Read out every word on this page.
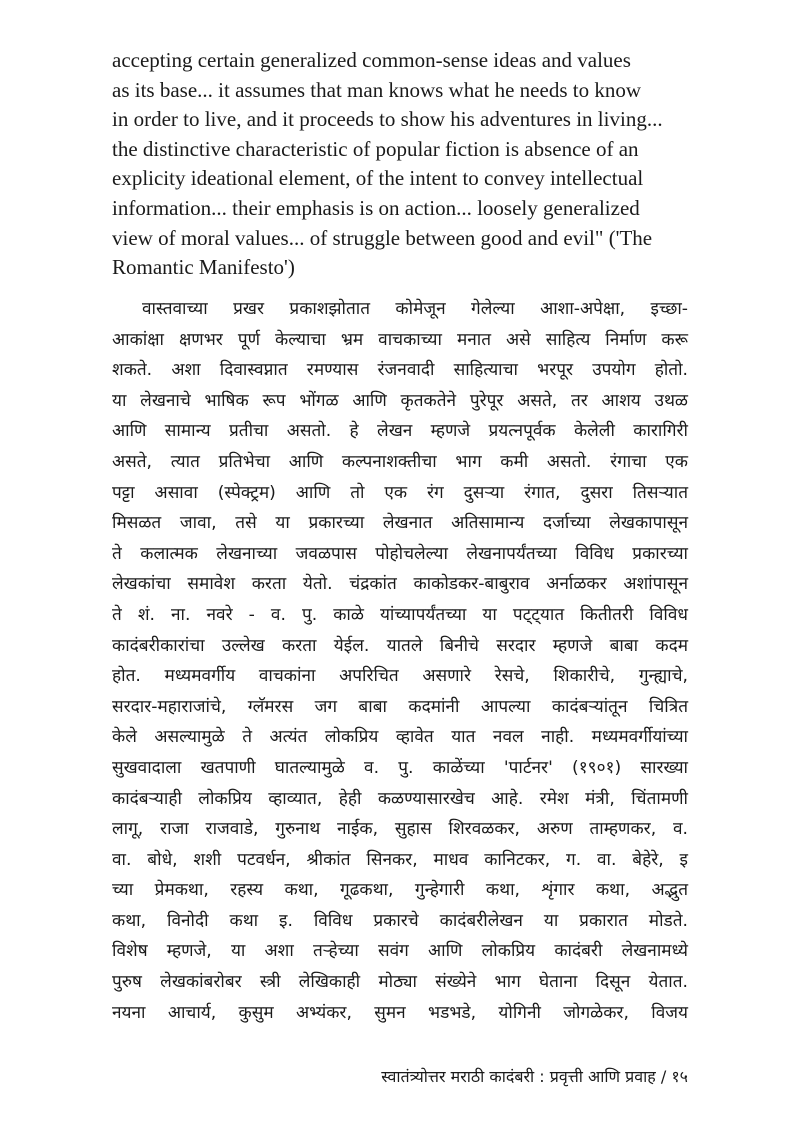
accepting certain generalized common-sense ideas and values
as its base... it assumes that man knows what he needs to know
in order to live, and it proceeds to show his adventures in living...
the distinctive characteristic of popular fiction is absence of an
explicity ideational element, of the intent to convey intellectual
information... their emphasis is on action... loosely generalized
view of moral values... of struggle between good and evil" ('The
Romantic Manifesto')
वास्तवाच्या प्रखर प्रकाशझोतात कोमेजून गेलेल्या आशा-अपेक्षा, इच्छा-
आकांक्षा क्षणभर पूर्ण केल्याचा भ्रम वाचकाच्या मनात असे साहित्य निर्माण करू
शकते. अशा दिवास्वप्नात रमण्यास रंजनवादी साहित्याचा भरपूर उपयोग होतो.
या लेखनाचे भाषिक रूप भोंगळ आणि कृतकतेने पुरेपूर असते, तर आशय उथळ
आणि सामान्य प्रतीचा असतो. हे लेखन म्हणजे प्रयत्नपूर्वक केलेली कारागिरी
असते, त्यात प्रतिभेचा आणि कल्पनाशक्तीचा भाग कमी असतो. रंगाचा एक
पट्टा असावा (स्पेक्ट्रम) आणि तो एक रंग दुसऱ्या रंगात, दुसरा तिसऱ्यात
मिसळत जावा, तसे या प्रकारच्या लेखनात अतिसामान्य दर्जाच्या लेखकापासून
ते कलात्मक लेखनाच्या जवळपास पोहोचलेल्या लेखनापर्यंतच्या विविध प्रकारच्या
लेखकांचा समावेश करता येतो. चंद्रकांत काकोडकर-बाबुराव अर्नाळकर अशांपासून
ते शं. ना. नवरे - व. पु. काळे यांच्यापर्यंतच्या या पट्ट्यात कितीतरी विविध
कादंबरीकारांचा उल्लेख करता येईल. यातले बिनीचे सरदार म्हणजे बाबा कदम
होत. मध्यमवर्गीय वाचकांना अपरिचित असणारे रेसचे, शिकारीचे, गुन्ह्याचे,
सरदार-महाराजांचे, ग्लॅमरस जग बाबा कदमांनी आपल्या कादंबऱ्यांतून चित्रित
केले असल्यामुळे ते अत्यंत लोकप्रिय व्हावेत यात नवल नाही. मध्यमवर्गीयांच्या
सुखवादाला खतपाणी घातल्यामुळे व. पु. काळेंच्या 'पार्टनर' (१९०१) सारख्या
कादंबऱ्याही लोकप्रिय व्हाव्यात, हेही कळण्यासारखेच आहे. रमेश मंत्री, चिंतामणी
लागू, राजा राजवाडे, गुरुनाथ नाईक, सुहास शिरवळकर, अरुण ताम्हणकर, व.
वा. बोधे, शशी पटवर्धन, श्रीकांत सिनकर, माधव कानिटकर, ग. वा. बेहेरे, इ
च्या प्रेमकथा, रहस्य कथा, गूढकथा, गुन्हेगारी कथा, शृंगार कथा, अद्भुत
कथा, विनोदी कथा इ. विविध प्रकारचे कादंबरीलेखन या प्रकारात मोडते.
विशेष म्हणजे, या अशा तऱ्हेच्या सवंग आणि लोकप्रिय कादंबरी लेखनामध्ये
पुरुष लेखकांबरोबर स्त्री लेखिकाही मोठ्या संख्येने भाग घेताना दिसून येतात.
नयना आचार्य, कुसुम अभ्यंकर, सुमन भडभडे, योगिनी जोगळेकर, विजय
स्वातंत्र्योत्तर मराठी कादंबरी : प्रवृत्ती आणि प्रवाह / १५
